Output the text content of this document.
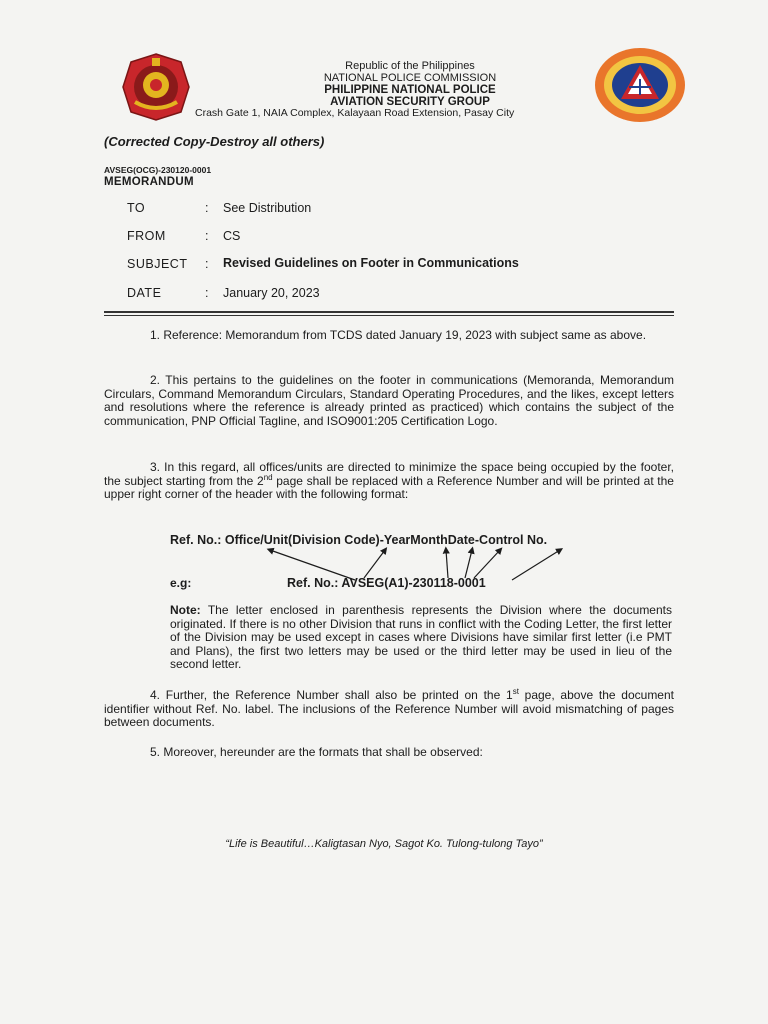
Republic of the Philippines
NATIONAL POLICE COMMISSION
PHILIPPINE NATIONAL POLICE
AVIATION SECURITY GROUP
Crash Gate 1, NAIA Complex, Kalayaan Road Extension, Pasay City
(Corrected Copy-Destroy all others)
AVSEG(OCG)-230120-0001
MEMORANDUM
TO	: See Distribution
FROM	: CS
SUBJECT : Revised Guidelines on Footer in Communications
DATE	: January 20, 2023
1. Reference: Memorandum from TCDS dated January 19, 2023 with subject same as above.
2. This pertains to the guidelines on the footer in communications (Memoranda, Memorandum Circulars, Command Memorandum Circulars, Standard Operating Procedures, and the likes, except letters and resolutions where the reference is already printed as practiced) which contains the subject of the communication, PNP Official Tagline, and ISO9001:205 Certification Logo.
3. In this regard, all offices/units are directed to minimize the space being occupied by the footer, the subject starting from the 2nd page shall be replaced with a Reference Number and will be printed at the upper right corner of the header with the following format:
Ref. No.: Office/Unit(Division Code)-YearMonthDate-Control No.
e.g:	Ref. No.: AVSEG(A1)-230118-0001
Note: The letter enclosed in parenthesis represents the Division where the documents originated. If there is no other Division that runs in conflict with the Coding Letter, the first letter of the Division may be used except in cases where Divisions have similar first letter (i.e PMT and Plans), the first two letters may be used or the third letter may be used in lieu of the second letter.
4. Further, the Reference Number shall also be printed on the 1st page, above the document identifier without Ref. No. label. The inclusions of the Reference Number will avoid mismatching of pages between documents.
5. Moreover, hereunder are the formats that shall be observed:
“Life is Beautiful…Kaligtasan Nyo, Sagot Ko. Tulong-tulong Tayo”
